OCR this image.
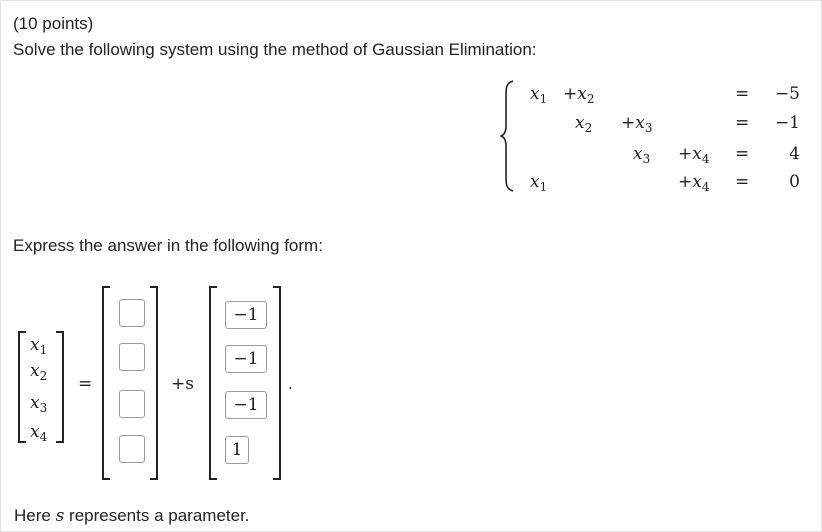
(10 points)
Solve the following system using the method of Gaussian Elimination:
$x_1 +x_2$	=	−5
$x_2 +x_3$	=	−1
$x_3 +x_4$ =	4
$x_1$	$+x_4$ =	0
Express the answer in the following form:
$x_1$
$x_2$
$x_3$
$x_4$
=	+s
−1
−1
−1
1
.
Here s represents a parameter.
